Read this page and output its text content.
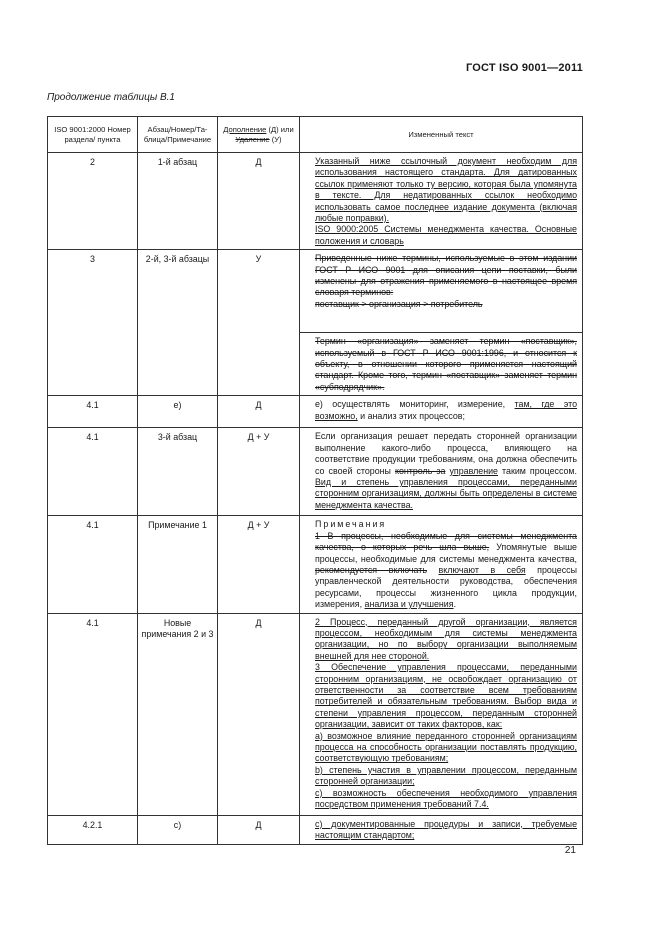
ГОСТ ISO 9001—2011
Продолжение таблицы В.1
ISO 9001:2000 Номер раздела/ пункта	Абзац/Номер/Та-блица/Примечание	Дополнение (Д) или Удаление (У)	Измененный текст
2	1-й абзац	Д	Указанный ниже ссылочный документ необходим для использования настоящего стандарта. Для датированных ссылок применяют только ту версию, которая была упомянута в тексте. Для недатированных ссылок необходимо использовать самое последнее издание документа (включая любые поправки).

ISO 9000:2005 Системы менеджмента качества. Основные положения и словарь

3	2-й, 3-й абзацы	У	Приведенные ниже термины, используемые в этом издании ГОСТ Р ИСО 9001 для описания цепи поставки, были изменены для отражения применяемого в настоящее время словаря терминов:

поставщик > организация > потребитель

			Термин «организация» заменяет термин «поставщик», используемый в ГОСТ Р ИСО 9001:1996, и относится к объекту, в отношении которого применяется настоящий стандарт. Кроме того, термин «поставщик» заменяет термин «субподрядчик».

4.1	e)	Д	e) осуществлять мониторинг, измерение, там, где это возможно, и анализ этих процессов;

4.1	3-й абзац	Д + У	Если организация решает передать сторонней организации выполнение какого-либо процесса, влияющего на соответствие продукции требованиям, она должна обеспечить со своей стороны контроль за управление таким процессом. Вид и степень управления процессами, переданными сторонним организациям, должны быть определены в системе менеджмента качества.

4.1	Примечание 1	Д + У	Примечания

1 В процессы, необходимые для системы менеджмента качества, о которых речь шла выше, Упомянутые выше процессы, необходимые для системы менеджмента качества, рекомендуется включать включают в себя процессы управленческой деятельности руководства, обеспечения ресурсами, процессы жизненного цикла продукции, измерения, анализа и улучшения.

4.1	Новые примечания 2 и 3	Д	2 Процесс, переданный другой организации, является процессом, необходимым для системы менеджмента организации, но по выбору организации выполняемым внешней для нее стороной.

3 Обеспечение управления процессами, переданными сторонним организациям, не освобождает организацию от ответственности за соответствие всем требованиям потребителей и обязательным требованиям. Выбор вида и степени управления процессом, переданным сторонней организации, зависит от таких факторов, как:

a) возможное влияние переданного сторонней организациям процесса на способность организации поставлять продукцию, соответствующую требованиям;

b) степень участия в управлении процессом, переданным сторонней организации;

c) возможность обеспечения необходимого управления посредством применения требований 7.4.

4.2.1	c)	Д	c) документированные процедуры и записи, требуемые настоящим стандартом;

21
